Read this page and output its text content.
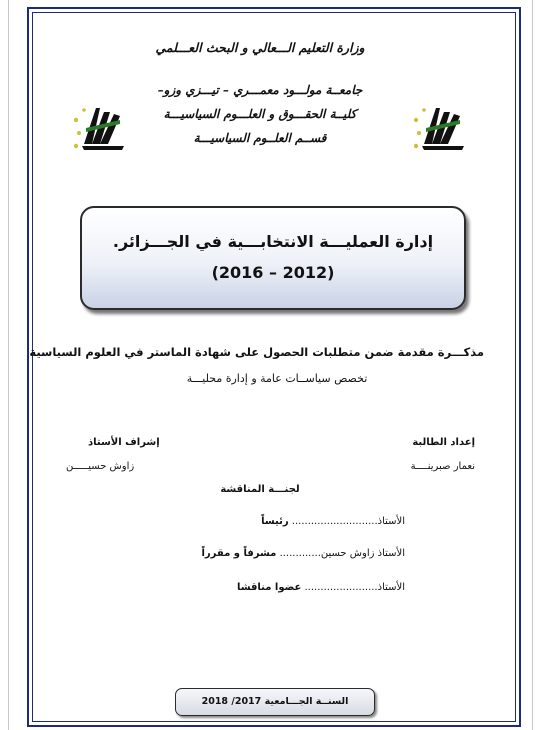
وزارة التعليم الـــعالي و البحث العـــلمي
جامعــة مولـــود معمـــري – تيـــزي وزو–
كليــة الحقـــوق و العلـــوم السياسيـــة
قســم العلــوم السياسيـــة
إدارة العمليـــة الانتخابـــية في الجـــزائر.
(2016 – 2012)
مذكـــرة مقدمة ضمن متطلبات الحصول على شهادة الماستر في العلوم السياسية
تخصص سياســات عامة و إدارة محليـــة
إعداد الطالبة
إشراف الأستاذ
نعمار صبرينــــة
زاوش حسيـــــن
لجنـــة المناقشة
الأستاذ........................... رئيساً
الأستاذ زاوش حسين............. مشرفاً و مقرراً
الأستاذ....................... عضوا مناقشا
السنــة الجـــامعية 2017/ 2018
